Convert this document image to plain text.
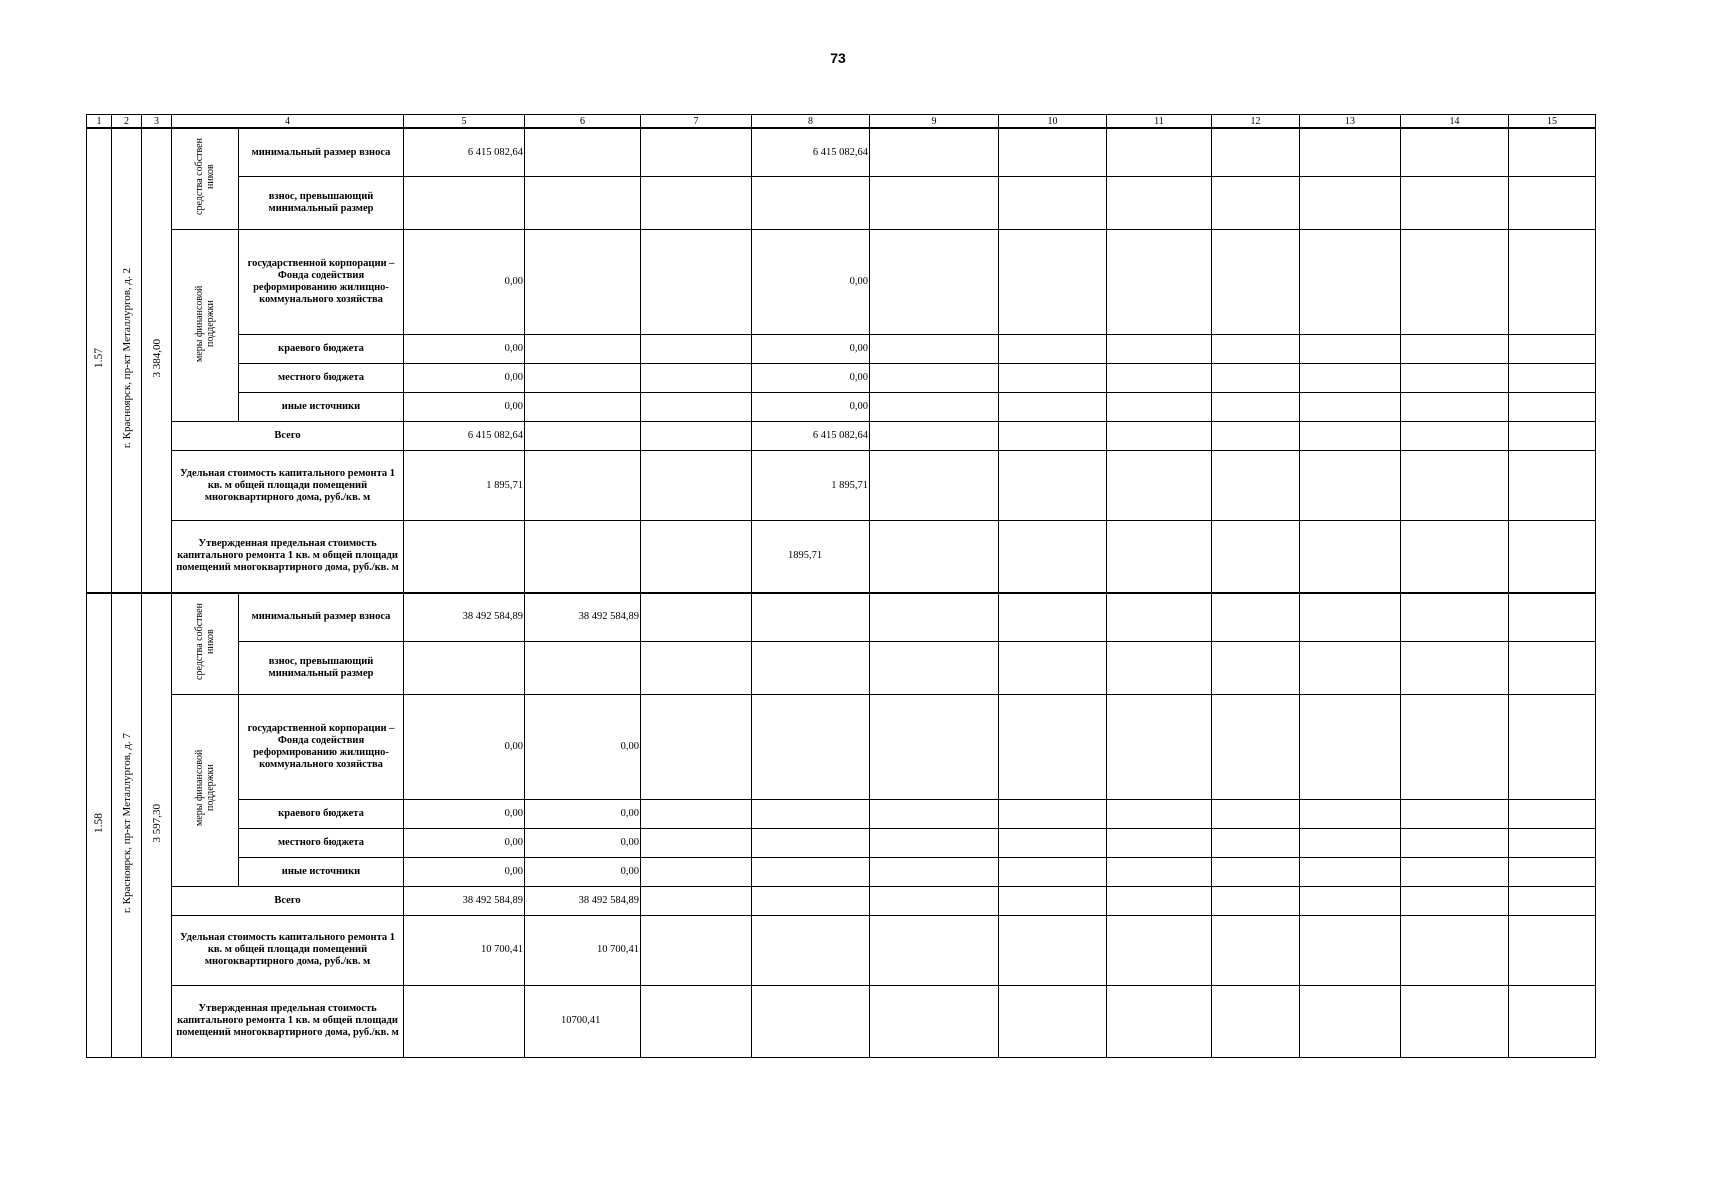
73
1	2	3	4		5	6	7	8	9	10	11	12	13	14	15
1.57	г. Красноярск, пр-кт Металлургов, д. 2	3 384,00	средства собствен ников	минимальный размер взноса	6 415 082,64			6 415 082,64							
				взнос, превышающий минимальный размер											
			меры финансовой поддержки	государственной корпорации – Фонда содействия реформированию жилищно-коммунального хозяйства	0,00			0,00							
				краевого бюджета	0,00			0,00							
				местного бюджета	0,00			0,00							
				иные источники	0,00			0,00							
			Всего		6 415 082,64			6 415 082,64							
			Удельная стоимость капитального ремонта 1 кв. м общей площади помещений многоквартирного дома, руб./кв. м		1 895,71			1 895,71							
			Утвержденная предельная стоимость капитального ремонта 1 кв. м общей площади помещений многоквартирного дома, руб./кв. м					1895,71							
1.58	г. Красноярск, пр-кт Металлургов, д. 7	3 597,30	средства собствен ников	минимальный размер взноса	38 492 584,89	38 492 584,89									
				взнос, превышающий минимальный размер											
			меры финансовой поддержки	государственной корпорации – Фонда содействия реформированию жилищно-коммунального хозяйства	0,00	0,00									
				краевого бюджета	0,00	0,00									
				местного бюджета	0,00	0,00									
				иные источники	0,00	0,00									
			Всего		38 492 584,89	38 492 584,89									
			Удельная стоимость капитального ремонта 1 кв. м общей площади помещений многоквартирного дома, руб./кв. м		10 700,41	10 700,41									
			Утвержденная предельная стоимость капитального ремонта 1 кв. м общей площади помещений многоквартирного дома, руб./кв. м			10700,41									
